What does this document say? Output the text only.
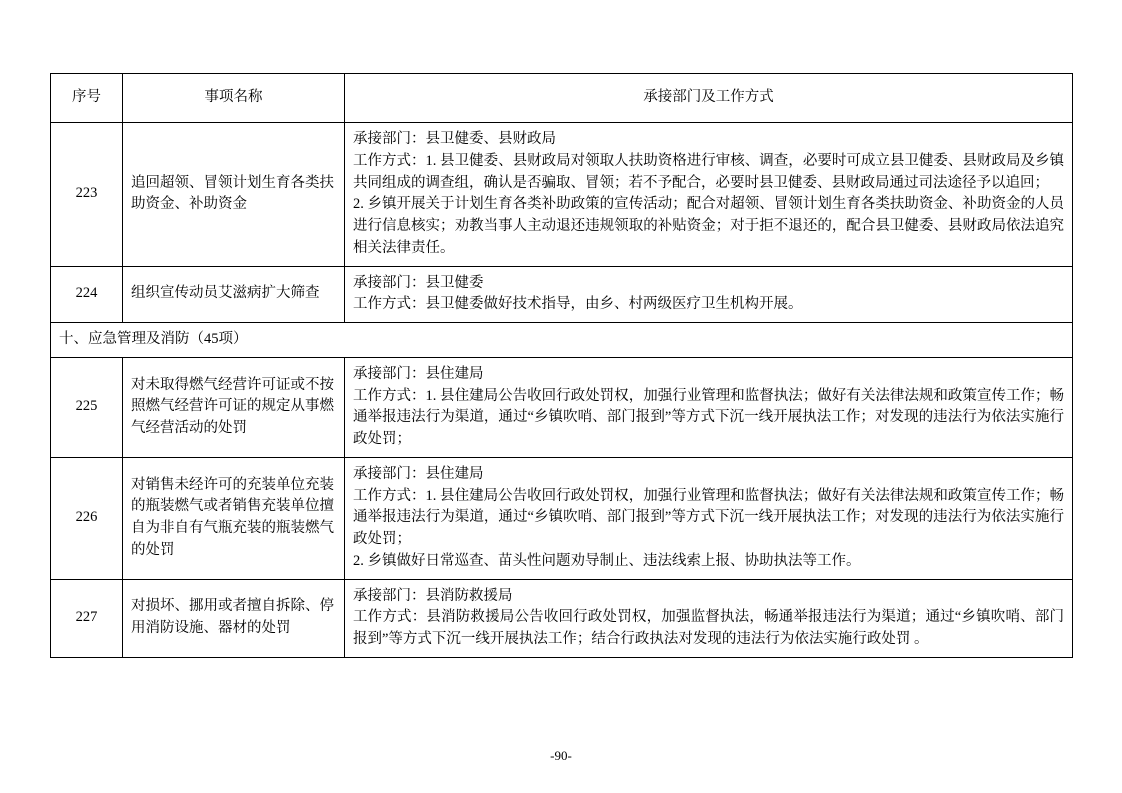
序号	事项名称	承接部门及工作方式
223	追回超领、冒领计划生育各类扶助资金、补助资金	承接部门：县卫健委、县财政局

工作方式：1. 县卫健委、县财政局对领取人扶助资格进行审核、调查，必要时可成立县卫健委、县财政局及乡镇共同组成的调查组，确认是否骗取、冒领；若不予配合，必要时县卫健委、县财政局通过司法途径予以追回；

2. 乡镇开展关于计划生育各类补助政策的宣传活动；配合对超领、冒领计划生育各类扶助资金、补助资金的人员进行信息核实；劝教当事人主动退还违规领取的补贴资金；对于拒不退还的，配合县卫健委、县财政局依法追究相关法律责任。

224	组织宣传动员艾滋病扩大筛查	承接部门：县卫健委

工作方式：县卫健委做好技术指导，由乡、村两级医疗卫生机构开展。

十、应急管理及消防（45项）		
225	对未取得燃气经营许可证或不按照燃气经营许可证的规定从事燃气经营活动的处罚	承接部门：县住建局

工作方式：1. 县住建局公告收回行政处罚权，加强行业管理和监督执法；做好有关法律法规和政策宣传工作；畅通举报违法行为渠道，通过“乡镇吹哨、部门报到”等方式下沉一线开展执法工作；对发现的违法行为依法实施行政处罚；

226	对销售未经许可的充装单位充装的瓶装燃气或者销售充装单位擅自为非自有气瓶充装的瓶装燃气的处罚	承接部门：县住建局

工作方式：1. 县住建局公告收回行政处罚权，加强行业管理和监督执法；做好有关法律法规和政策宣传工作；畅通举报违法行为渠道，通过“乡镇吹哨、部门报到”等方式下沉一线开展执法工作；对发现的违法行为依法实施行政处罚；

2. 乡镇做好日常巡查、苗头性问题劝导制止、违法线索上报、协助执法等工作。

227	对损坏、挪用或者擅自拆除、停用消防设施、器材的处罚	承接部门：县消防救援局

工作方式：县消防救援局公告收回行政处罚权，加强监督执法，畅通举报违法行为渠道；通过“乡镇吹哨、部门报到”等方式下沉一线开展执法工作；结合行政执法对发现的违法行为依法实施行政处罚 。

-90-
